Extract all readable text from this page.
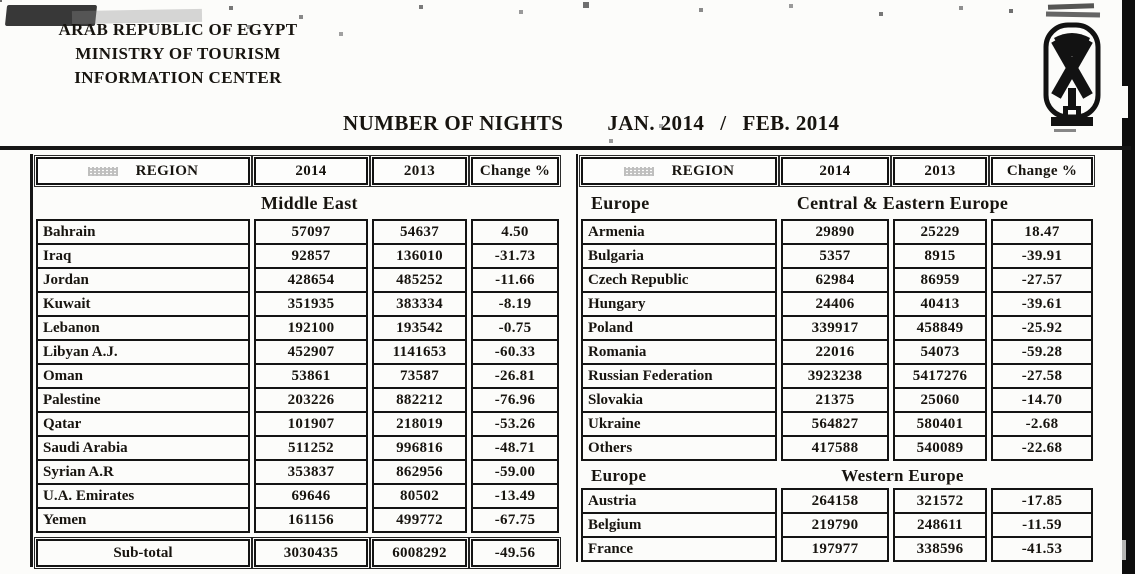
ARAB REPUBLIC OF EGYPT
MINISTRY OF TOURISM
INFORMATION CENTER
NUMBER OF NIGHTS JAN. 2014 / FEB. 2014
REGION	2014	2013	Change %
Middle East
Bahrain	57097	54637	4.50
Iraq	92857	136010	-31.73
Jordan	428654	485252	-11.66
Kuwait	351935	383334	-8.19
Lebanon	192100	193542	-0.75
Libyan A.J.	452907	1141653	-60.33
Oman	53861	73587	-26.81
Palestine	203226	882212	-76.96
Qatar	101907	218019	-53.26
Saudi Arabia	511252	996816	-48.71
Syrian A.R	353837	862956	-59.00
U.A. Emirates	69646	80502	-13.49
Yemen	161156	499772	-67.75
Sub-total	3030435	6008292	-49.56
REGION	2014	2013	Change %
Europe	Central & Eastern Europe
Armenia	29890	25229	18.47
Bulgaria	5357	8915	-39.91
Czech Republic	62984	86959	-27.57
Hungary	24406	40413	-39.61
Poland	339917	458849	-25.92
Romania	22016	54073	-59.28
Russian Federation	3923238	5417276	-27.58
Slovakia	21375	25060	-14.70
Ukraine	564827	580401	-2.68
Others	417588	540089	-22.68
Europe	Western Europe
Austria	264158	321572	-17.85
Belgium	219790	248611	-11.59
France	197977	338596	-41.53
